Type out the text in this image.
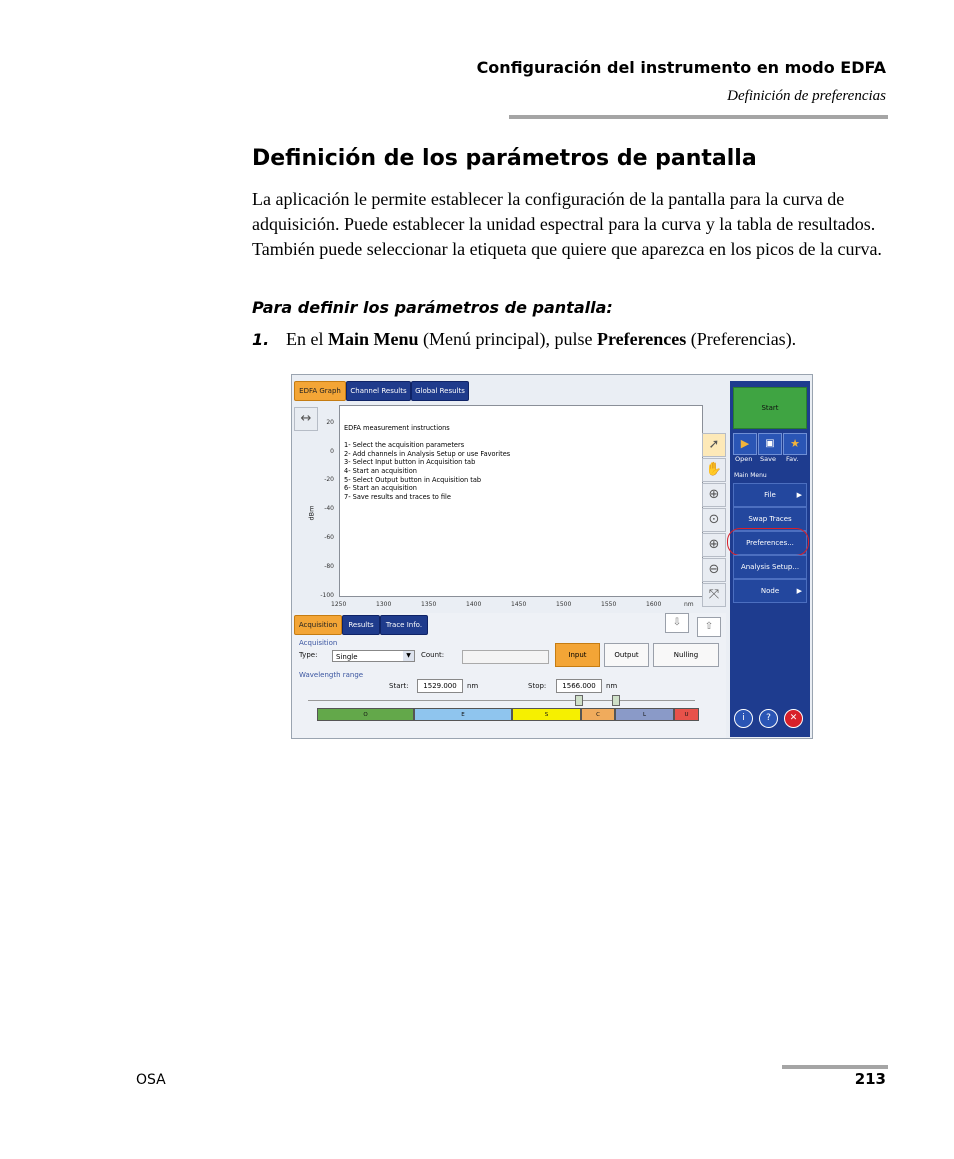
Configuración del instrumento en modo EDFA
Definición de preferencias
Definición de los parámetros de pantalla

La aplicación le permite establecer la configuración de la pantalla para la curva de adquisición. Puede establecer la unidad espectral para la curva y la tabla de resultados. También puede seleccionar la etiqueta que quiere que aparezca en los picos de la curva.

Para definir los parámetros de pantalla:
1. En el Main Menu (Menú principal), pulse Preferences (Preferencias).
EDFA Graph	Channel Results	Global Results
↔	20
0
-20
-40
-60
-80
-100
dBm
EDFA measurement instructions

1- Select the acquisition parameters
2- Add channels in Analysis Setup or use Favorites
3- Select Input button in Acquisition tab
4- Start an acquisition
5- Select Output button in Acquisition tab
6- Start an acquisition
7- Save results and traces to file
1250	1300	1350	1400	1450	1500	1550	1600	nm
➚
✋
⊕
⊙
⊕
⊖
⤧
Start
▶	▣	★
Open Save Fav.
Main Menu
File	▶
Swap Traces
Preferences...
Analysis Setup...
Node ▶
i	?	✕
Acquisition	Results	Trace Info.	⇩	⇧
Acquisition
Type:	Single	▼	Count:	Input	Output	Nulling
Wavelength range
Start:	1529.000	nm	Stop:	1566.000	nm
O	E	S	C	L	U
OSA	213
